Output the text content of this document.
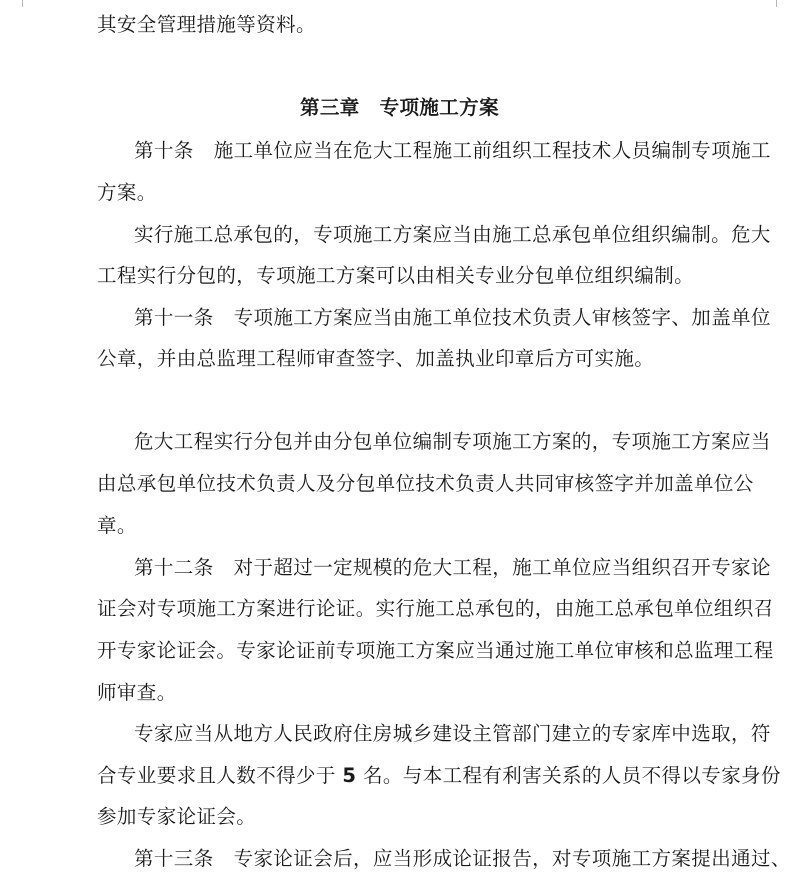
其安全管理措施等资料。
第三章　专项施工方案
第十条 施工单位应当在危大工程施工前组织工程技术人员编制专项施工
方案。
实行施工总承包的，专项施工方案应当由施工总承包单位组织编制。危大
工程实行分包的，专项施工方案可以由相关专业分包单位组织编制。
第十一条 专项施工方案应当由施工单位技术负责人审核签字、加盖单位
公章，并由总监理工程师审查签字、加盖执业印章后方可实施。
危大工程实行分包并由分包单位编制专项施工方案的，专项施工方案应当
由总承包单位技术负责人及分包单位技术负责人共同审核签字并加盖单位公
章。
第十二条 对于超过一定规模的危大工程，施工单位应当组织召开专家论
证会对专项施工方案进行论证。实行施工总承包的，由施工总承包单位组织召
开专家论证会。专家论证前专项施工方案应当通过施工单位审核和总监理工程
师审查。
专家应当从地方人民政府住房城乡建设主管部门建立的专家库中选取，符
合专业要求且人数不得少于 5 名。与本工程有利害关系的人员不得以专家身份
参加专家论证会。
第十三条 专家论证会后，应当形成论证报告，对专项施工方案提出通过、
